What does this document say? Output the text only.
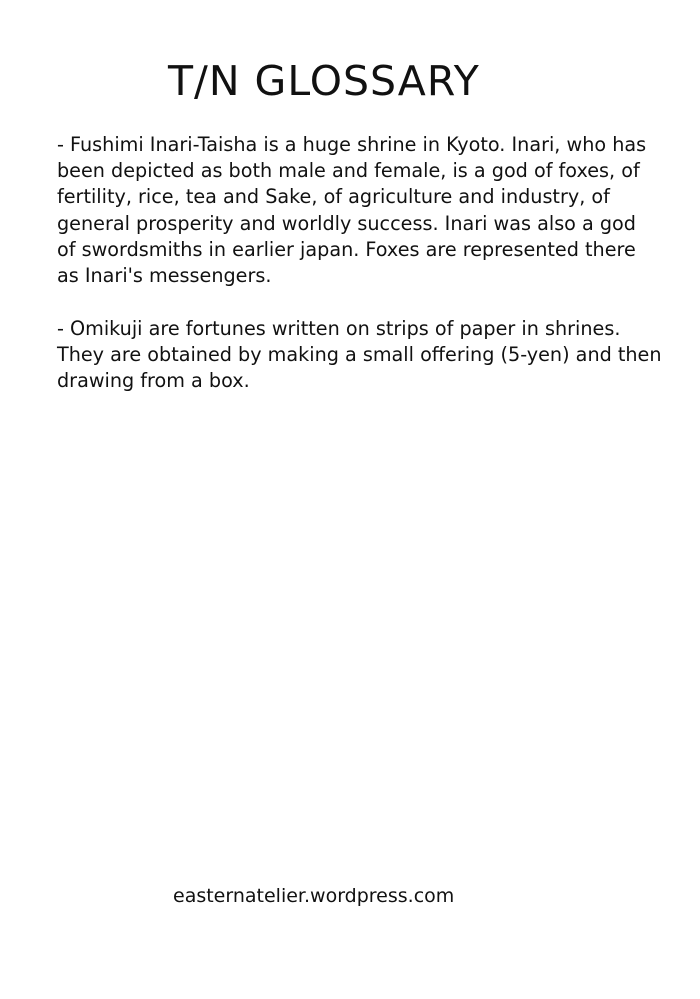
T/N GLOSSARY
- Fushimi Inari-Taisha is a huge shrine in Kyoto. Inari, who has
been depicted as both male and female, is a god of foxes, of
fertility, rice, tea and Sake, of agriculture and industry, of
general prosperity and worldly success. Inari was also a god
of swordsmiths in earlier japan. Foxes are represented there
as Inari's messengers.
- Omikuji are fortunes written on strips of paper in shrines.
They are obtained by making a small offering (5-yen) and then
drawing from a box.
easternatelier.wordpress.com
